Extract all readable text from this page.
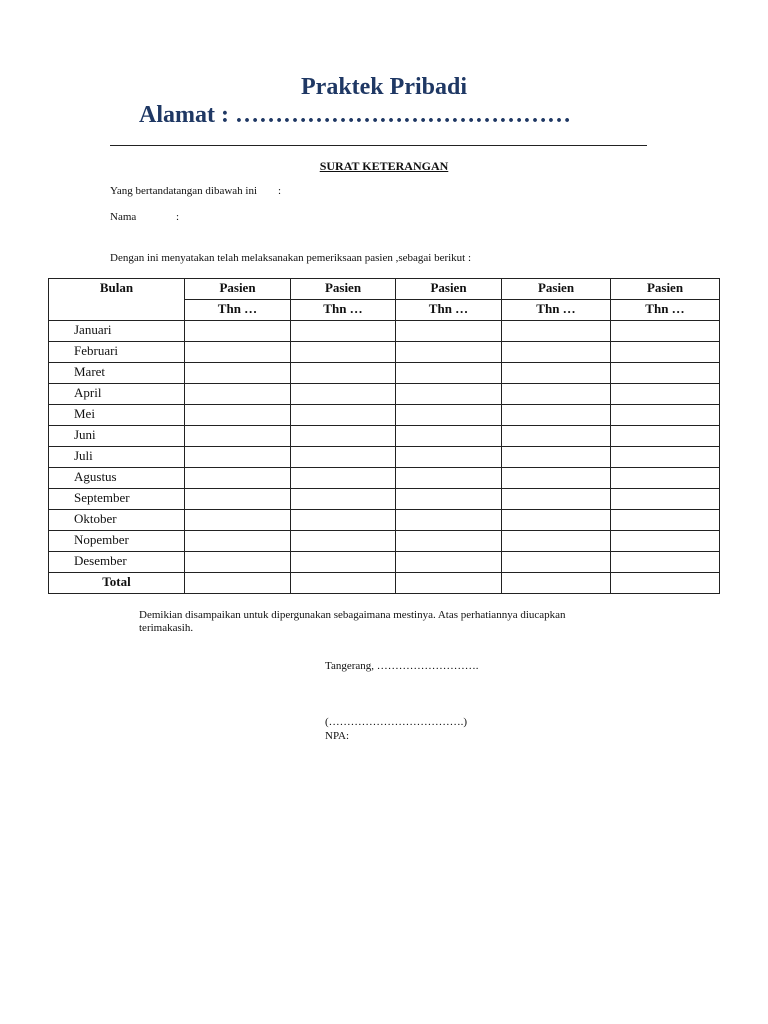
Praktek Pribadi
Alamat : ……………………………………
SURAT KETERANGAN
Yang bertandatangan dibawah ini :
Nama	:
Dengan ini menyatakan telah melaksanakan pemeriksaan pasien ,sebagai berikut :
Bulan	Pasien	Pasien	Pasien	Pasien	Pasien
	Thn …	Thn …	Thn …	Thn …	Thn …
Januari					
Februari					
Maret					
April					
Mei					
Juni					
Juli					
Agustus					
September					
Oktober					
Nopember					
Desember					
Total					
Demikian disampaikan untuk dipergunakan sebagaimana mestinya. Atas perhatiannya diucapkan terimakasih.
Tangerang, ……………………….
(……………………………….)
NPA:
